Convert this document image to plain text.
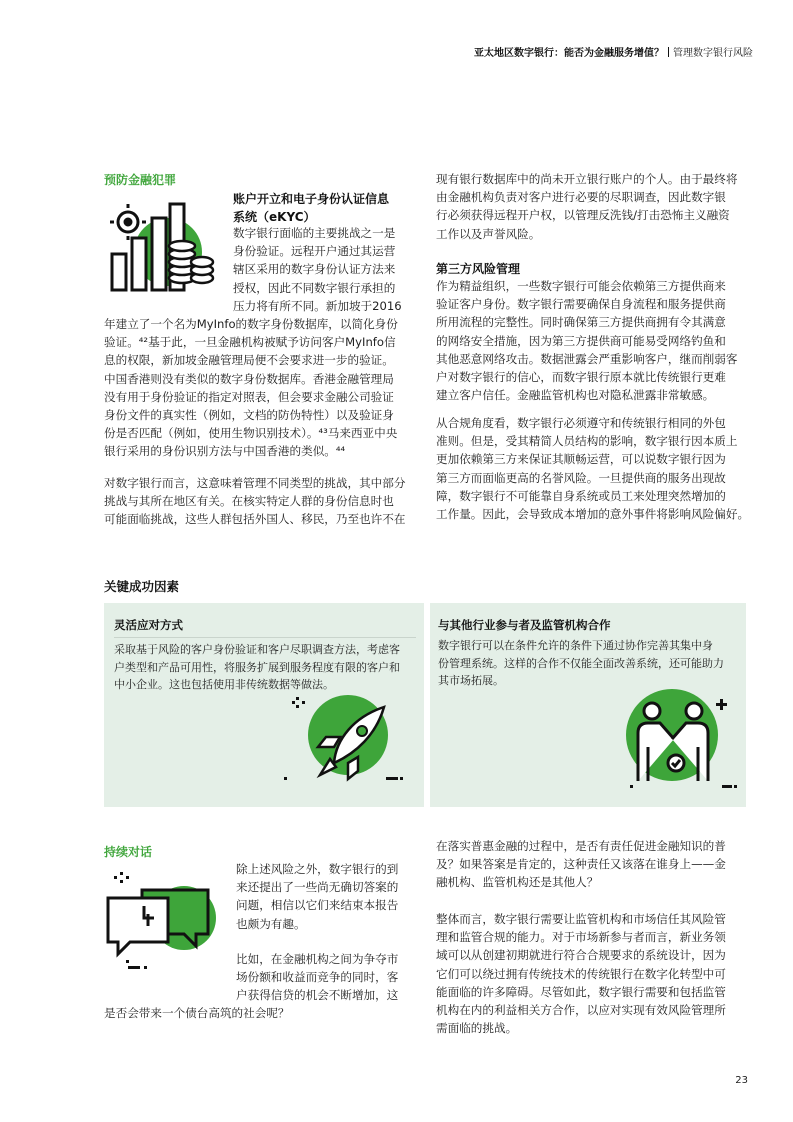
亚太地区数字银行：能否为金融服务增值？ 管理数字银行风险
预防金融犯罪
账户开立和电子身份认证信息
系统（eKYC）

数字银行面临的主要挑战之一是

身份验证。远程开户通过其运营

辖区采用的数字身份认证方法来

授权，因此不同数字银行承担的

压力将有所不同。新加坡于2016

年建立了一个名为MyInfo的数字身份数据库，以简化身份

验证。⁴²基于此，一旦金融机构被赋予访问客户MyInfo信

息的权限，新加坡金融管理局便不会要求进一步的验证。

中国香港则没有类似的数字身份数据库。香港金融管理局

没有用于身份验证的指定对照表，但会要求金融公司验证

身份文件的真实性（例如，文档的防伪特性）以及验证身

份是否匹配（例如，使用生物识别技术）。⁴³马来西亚中央

银行采用的身份识别方法与中国香港的类似。⁴⁴

对数字银行而言，这意味着管理不同类型的挑战，其中部分

挑战与其所在地区有关。在核实特定人群的身份信息时也

可能面临挑战，这些人群包括外国人、移民，乃至也许不在

现有银行数据库中的尚未开立银行账户的个人。由于最终将

由金融机构负责对客户进行必要的尽职调查，因此数字银

行必须获得远程开户权，以管理反洗钱/打击恐怖主义融资

工作以及声誉风险。

第三方风险管理

作为精益组织，一些数字银行可能会依赖第三方提供商来

验证客户身份。数字银行需要确保自身流程和服务提供商

所用流程的完整性。同时确保第三方提供商拥有令其满意

的网络安全措施，因为第三方提供商可能易受网络钓鱼和

其他恶意网络攻击。数据泄露会严重影响客户，继而削弱客

户对数字银行的信心，而数字银行原本就比传统银行更难

建立客户信任。金融监管机构也对隐私泄露非常敏感。

从合规角度看，数字银行必须遵守和传统银行相同的外包

准则。但是，受其精简人员结构的影响，数字银行因本质上

更加依赖第三方来保证其顺畅运营，可以说数字银行因为

第三方而面临更高的名誉风险。一旦提供商的服务出现故

障，数字银行不可能靠自身系统或员工来处理突然增加的

工作量。因此，会导致成本增加的意外事件将影响风险偏好。

关键成功因素
灵活应对方式
采取基于风险的客户身份验证和客户尽职调查方法，考虑客
户类型和产品可用性，将服务扩展到服务程度有限的客户和
中小企业。这也包括使用非传统数据等做法。
与其他行业参与者及监管机构合作
数字银行可以在条件允许的条件下通过协作完善其集中身
份管理系统。这样的合作不仅能全面改善系统，还可能助力
其市场拓展。
持续对话

除上述风险之外，数字银行的到

来还提出了一些尚无确切答案的

问题，相信以它们来结束本报告

也颇为有趣。

比如，在金融机构之间为争夺市

场份额和收益而竞争的同时，客

户获得信贷的机会不断增加，这

是否会带来一个债台高筑的社会呢？

在落实普惠金融的过程中，是否有责任促进金融知识的普

及？如果答案是肯定的，这种责任又该落在谁身上——金

融机构、监管机构还是其他人？

整体而言，数字银行需要让监管机构和市场信任其风险管

理和监管合规的能力。对于市场新参与者而言，新业务领

域可以从创建初期就进行符合合规要求的系统设计，因为

它们可以绕过拥有传统技术的传统银行在数字化转型中可

能面临的许多障碍。尽管如此，数字银行需要和包括监管

机构在内的利益相关方合作，以应对实现有效风险管理所

需面临的挑战。

23
